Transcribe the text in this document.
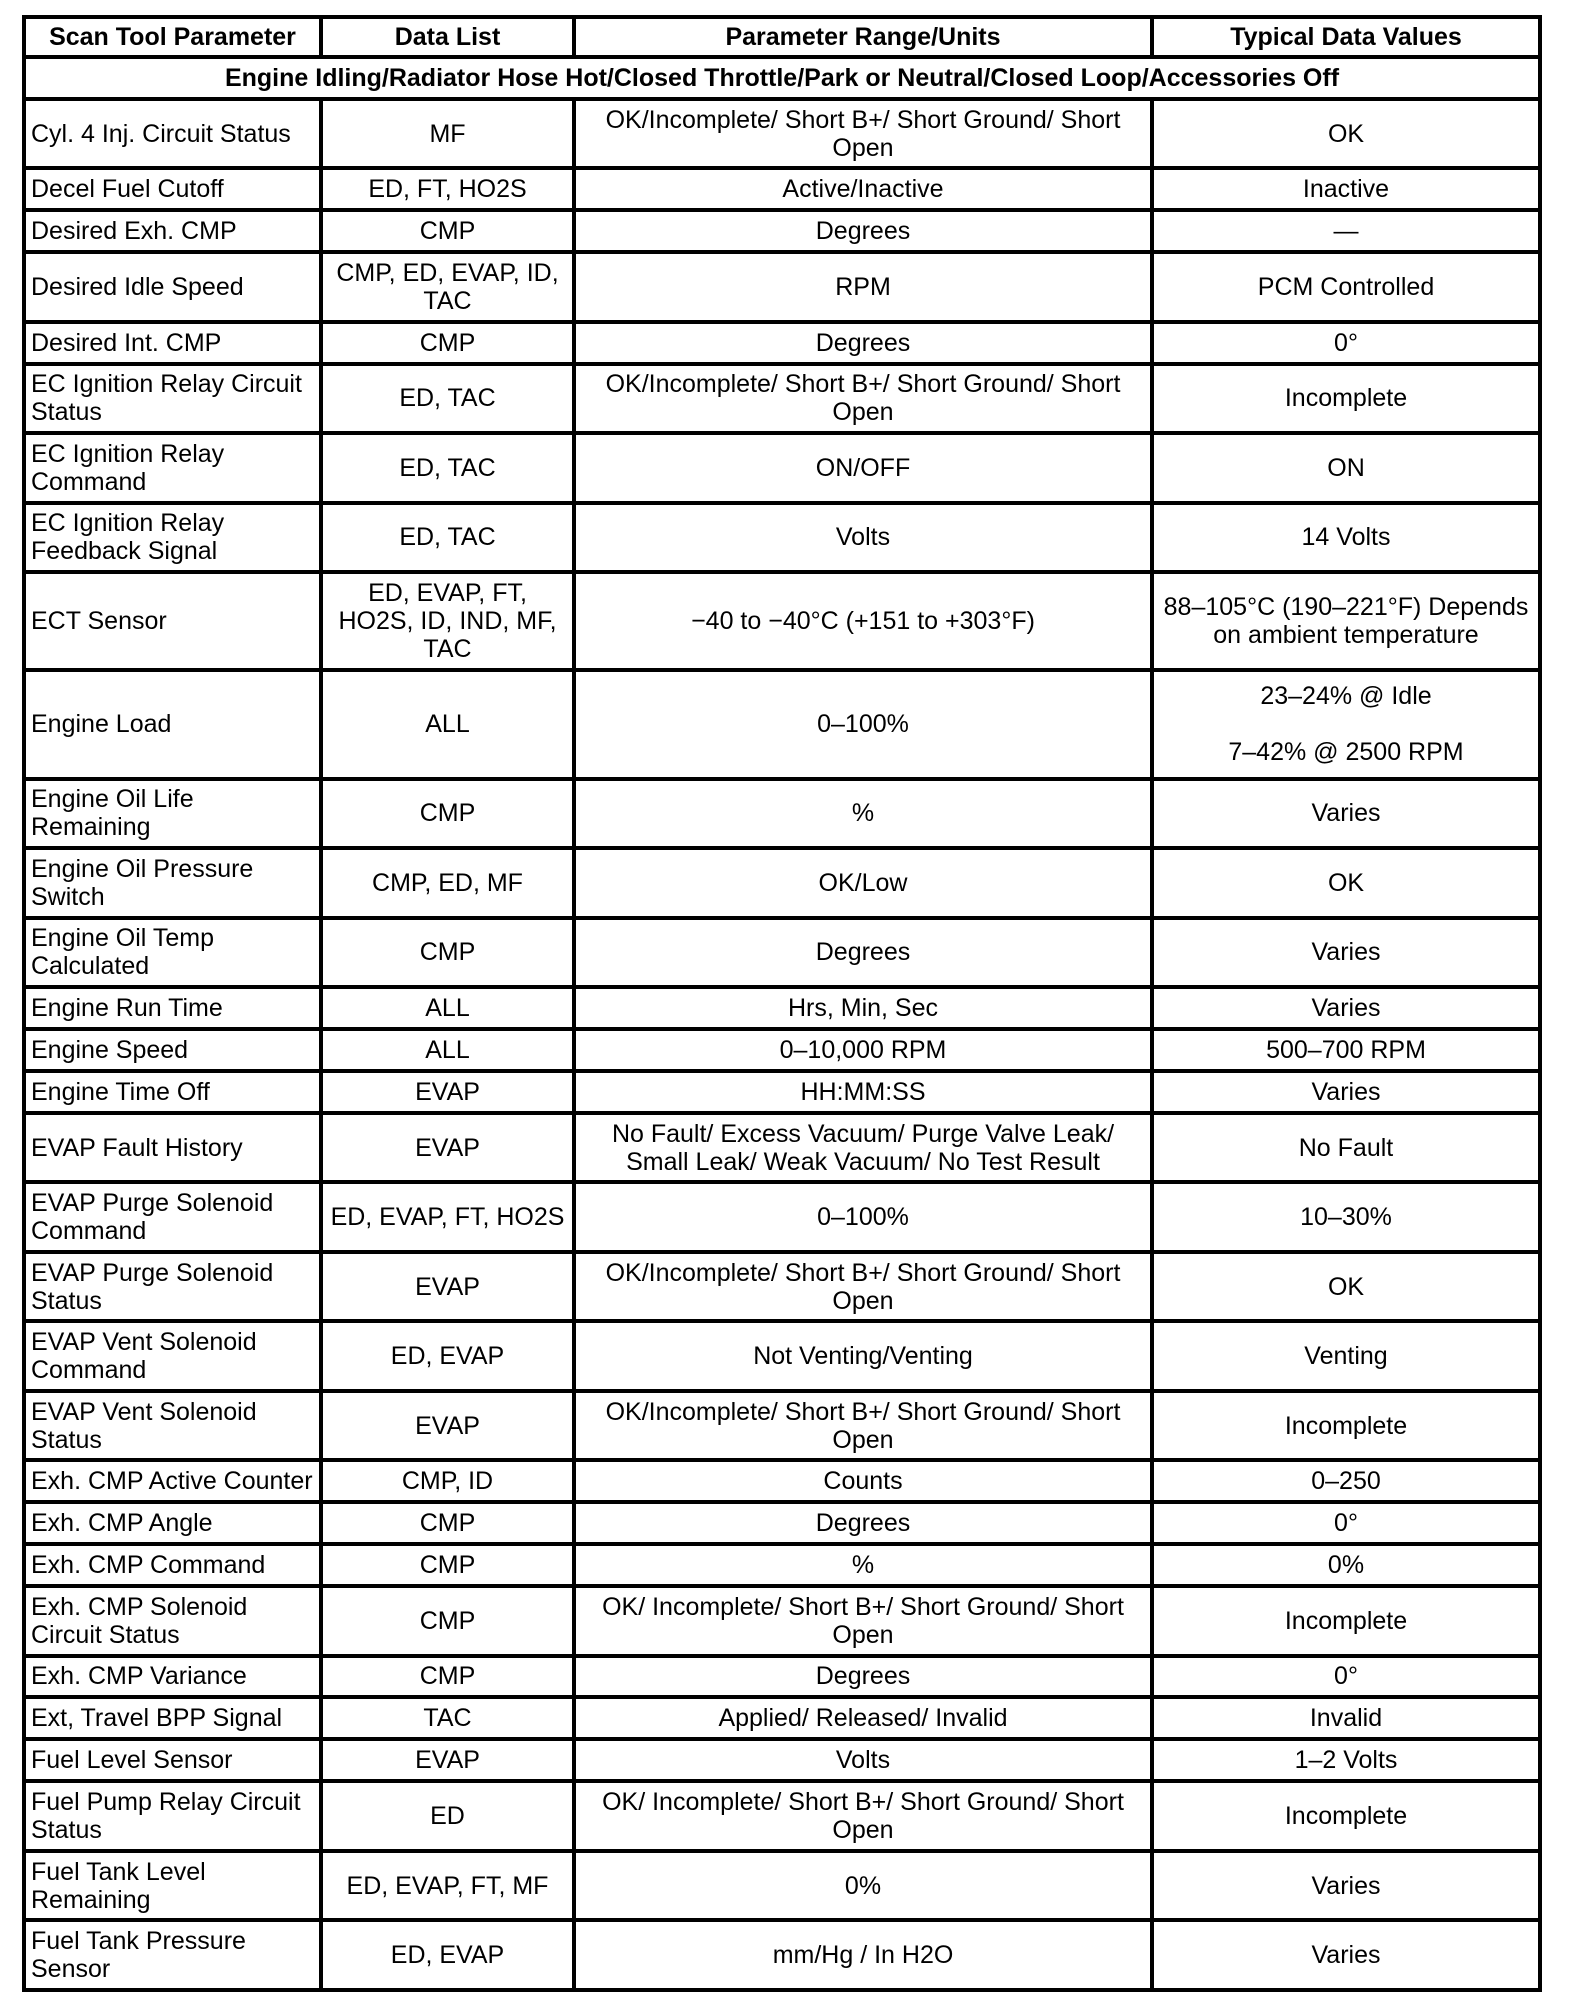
Scan Tool Parameter	Data List	Parameter Range/Units	Typical Data Values
Engine Idling/Radiator Hose Hot/Closed Throttle/Park or Neutral/Closed Loop/Accessories Off			
Cyl. 4 Inj. Circuit Status	MF	OK/Incomplete/ Short B+/ Short Ground/ Short Open	OK
Decel Fuel Cutoff	ED, FT, HO2S	Active/Inactive	Inactive
Desired Exh. CMP	CMP	Degrees	—
Desired Idle Speed	CMP, ED, EVAP, ID, TAC	RPM	PCM Controlled
Desired Int. CMP	CMP	Degrees	0°
EC Ignition Relay Circuit Status	ED, TAC	OK/Incomplete/ Short B+/ Short Ground/ Short Open	Incomplete
EC Ignition Relay Command	ED, TAC	ON/OFF	ON
EC Ignition Relay Feedback Signal	ED, TAC	Volts	14 Volts
ECT Sensor	ED, EVAP, FT, HO2S, ID, IND, MF, TAC	−40 to −40°C (+151 to +303°F)	88–105°C (190–221°F) Depends on ambient temperature
Engine Load	ALL	0–100%	23–24% @ Idle

7–42% @ 2500 RPM
Engine Oil Life Remaining	CMP	%	Varies
Engine Oil Pressure Switch	CMP, ED, MF	OK/Low	OK
Engine Oil Temp Calculated	CMP	Degrees	Varies
Engine Run Time	ALL	Hrs, Min, Sec	Varies
Engine Speed	ALL	0–10,000 RPM	500–700 RPM
Engine Time Off	EVAP	HH:MM:SS	Varies
EVAP Fault History	EVAP	No Fault/ Excess Vacuum/ Purge Valve Leak/ Small Leak/ Weak Vacuum/ No Test Result	No Fault
EVAP Purge Solenoid Command	ED, EVAP, FT, HO2S	0–100%	10–30%
EVAP Purge Solenoid Status	EVAP	OK/Incomplete/ Short B+/ Short Ground/ Short Open	OK
EVAP Vent Solenoid Command	ED, EVAP	Not Venting/Venting	Venting
EVAP Vent Solenoid Status	EVAP	OK/Incomplete/ Short B+/ Short Ground/ Short Open	Incomplete
Exh. CMP Active Counter	CMP, ID	Counts	0–250
Exh. CMP Angle	CMP	Degrees	0°
Exh. CMP Command	CMP	%	0%
Exh. CMP Solenoid Circuit Status	CMP	OK/ Incomplete/ Short B+/ Short Ground/ Short Open	Incomplete
Exh. CMP Variance	CMP	Degrees	0°
Ext, Travel BPP Signal	TAC	Applied/ Released/ Invalid	Invalid
Fuel Level Sensor	EVAP	Volts	1–2 Volts
Fuel Pump Relay Circuit Status	ED	OK/ Incomplete/ Short B+/ Short Ground/ Short Open	Incomplete
Fuel Tank Level Remaining	ED, EVAP, FT, MF	0%	Varies
Fuel Tank Pressure Sensor	ED, EVAP	mm/Hg / In H2O	Varies
